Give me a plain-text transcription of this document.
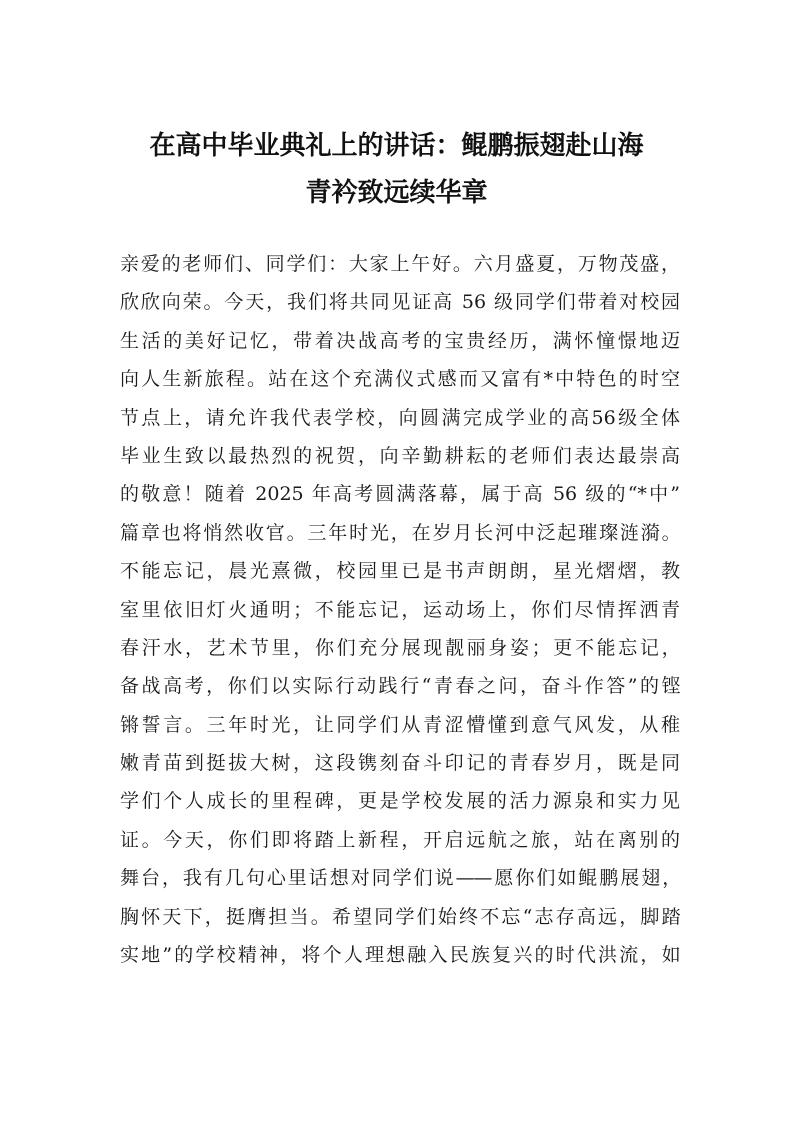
在高中毕业典礼上的讲话：鲲鹏振翅赴山海
青衿致远续华章
亲爱的老师们、同学们：大家上午好。六月盛夏，万物茂盛，
欣欣向荣。今天，我们将共同见证高 56 级同学们带着对校园
生活的美好记忆，带着决战高考的宝贵经历，满怀憧憬地迈
向人生新旅程。站在这个充满仪式感而又富有*中特色的时空
节点上，请允许我代表学校，向圆满完成学业的高56级全体
毕业生致以最热烈的祝贺，向辛勤耕耘的老师们表达最崇高
的敬意！随着 2025 年高考圆满落幕，属于高 56 级的“*中”
篇章也将悄然收官。三年时光，在岁月长河中泛起璀璨涟漪。
不能忘记，晨光熹微，校园里已是书声朗朗，星光熠熠，教
室里依旧灯火通明；不能忘记，运动场上，你们尽情挥洒青
春汗水，艺术节里，你们充分展现靓丽身姿；更不能忘记，
备战高考，你们以实际行动践行“青春之问，奋斗作答”的铿
锵誓言。三年时光，让同学们从青涩懵懂到意气风发，从稚
嫩青苗到挺拔大树，这段镌刻奋斗印记的青春岁月，既是同
学们个人成长的里程碑，更是学校发展的活力源泉和实力见
证。今天，你们即将踏上新程，开启远航之旅，站在离别的
舞台，我有几句心里话想对同学们说——愿你们如鲲鹏展翅，
胸怀天下，挺膺担当。希望同学们始终不忘“志存高远，脚踏
实地”的学校精神，将个人理想融入民族复兴的时代洪流，如
